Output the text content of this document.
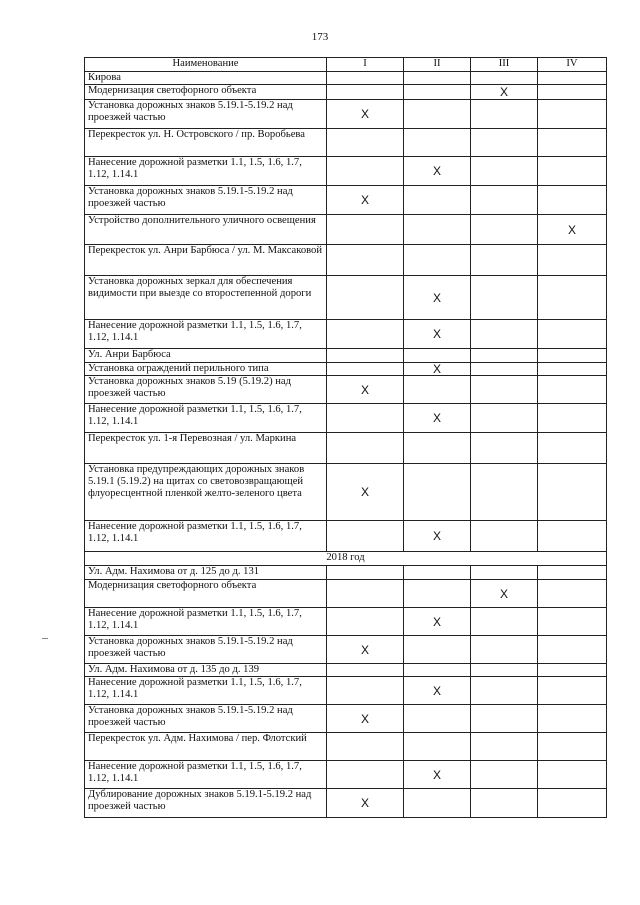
173
Наименование	I	II	III	IV
Кирова				
Модернизация светофорного объекта			X	
Установка дорожных знаков 5.19.1-5.19.2 над проезжей частью	X			
Перекресток ул. Н. Островского / пр. Воробьева				
Нанесение дорожной разметки 1.1, 1.5, 1.6, 1.7, 1.12, 1.14.1		X		
Установка дорожных знаков 5.19.1-5.19.2 над проезжей частью	X			
Устройство дополнительного уличного освещения				X
Перекресток ул. Анри Барбюса / ул. М. Максаковой				
Установка дорожных зеркал для обеспечения видимости при выезде со второстепенной дороги		X		
Нанесение дорожной разметки 1.1, 1.5, 1.6, 1.7, 1.12, 1.14.1		X		
Ул. Анри Барбюса				
Установка ограждений перильного типа		X		
Установка дорожных знаков 5.19 (5.19.2) над проезжей частью	X			
Нанесение дорожной разметки 1.1, 1.5, 1.6, 1.7, 1.12, 1.14.1		X		
Перекресток ул. 1-я Перевозная / ул. Маркина				
Установка предупреждающих дорожных знаков 5.19.1 (5.19.2) на щитах со световозвращающей флуоресцентной пленкой желто-зеленого цвета	X			
Нанесение дорожной разметки 1.1, 1.5, 1.6, 1.7, 1.12, 1.14.1		X		
2018 год				
Ул. Адм. Нахимова от д. 125 до д. 131				
Модернизация светофорного объекта			X	
Нанесение дорожной разметки 1.1, 1.5, 1.6, 1.7, 1.12, 1.14.1		X		
Установка дорожных знаков 5.19.1-5.19.2 над проезжей частью	X			
Ул. Адм. Нахимова от д. 135 до д. 139				
Нанесение дорожной разметки 1.1, 1.5, 1.6, 1.7, 1.12, 1.14.1		X		
Установка дорожных знаков 5.19.1-5.19.2 над проезжей частью	X			
Перекресток ул. Адм. Нахимова / пер. Флотский				
Нанесение дорожной разметки 1.1, 1.5, 1.6, 1.7, 1.12, 1.14.1		X		
Дублирование дорожных знаков 5.19.1-5.19.2 над проезжей частью	X			
